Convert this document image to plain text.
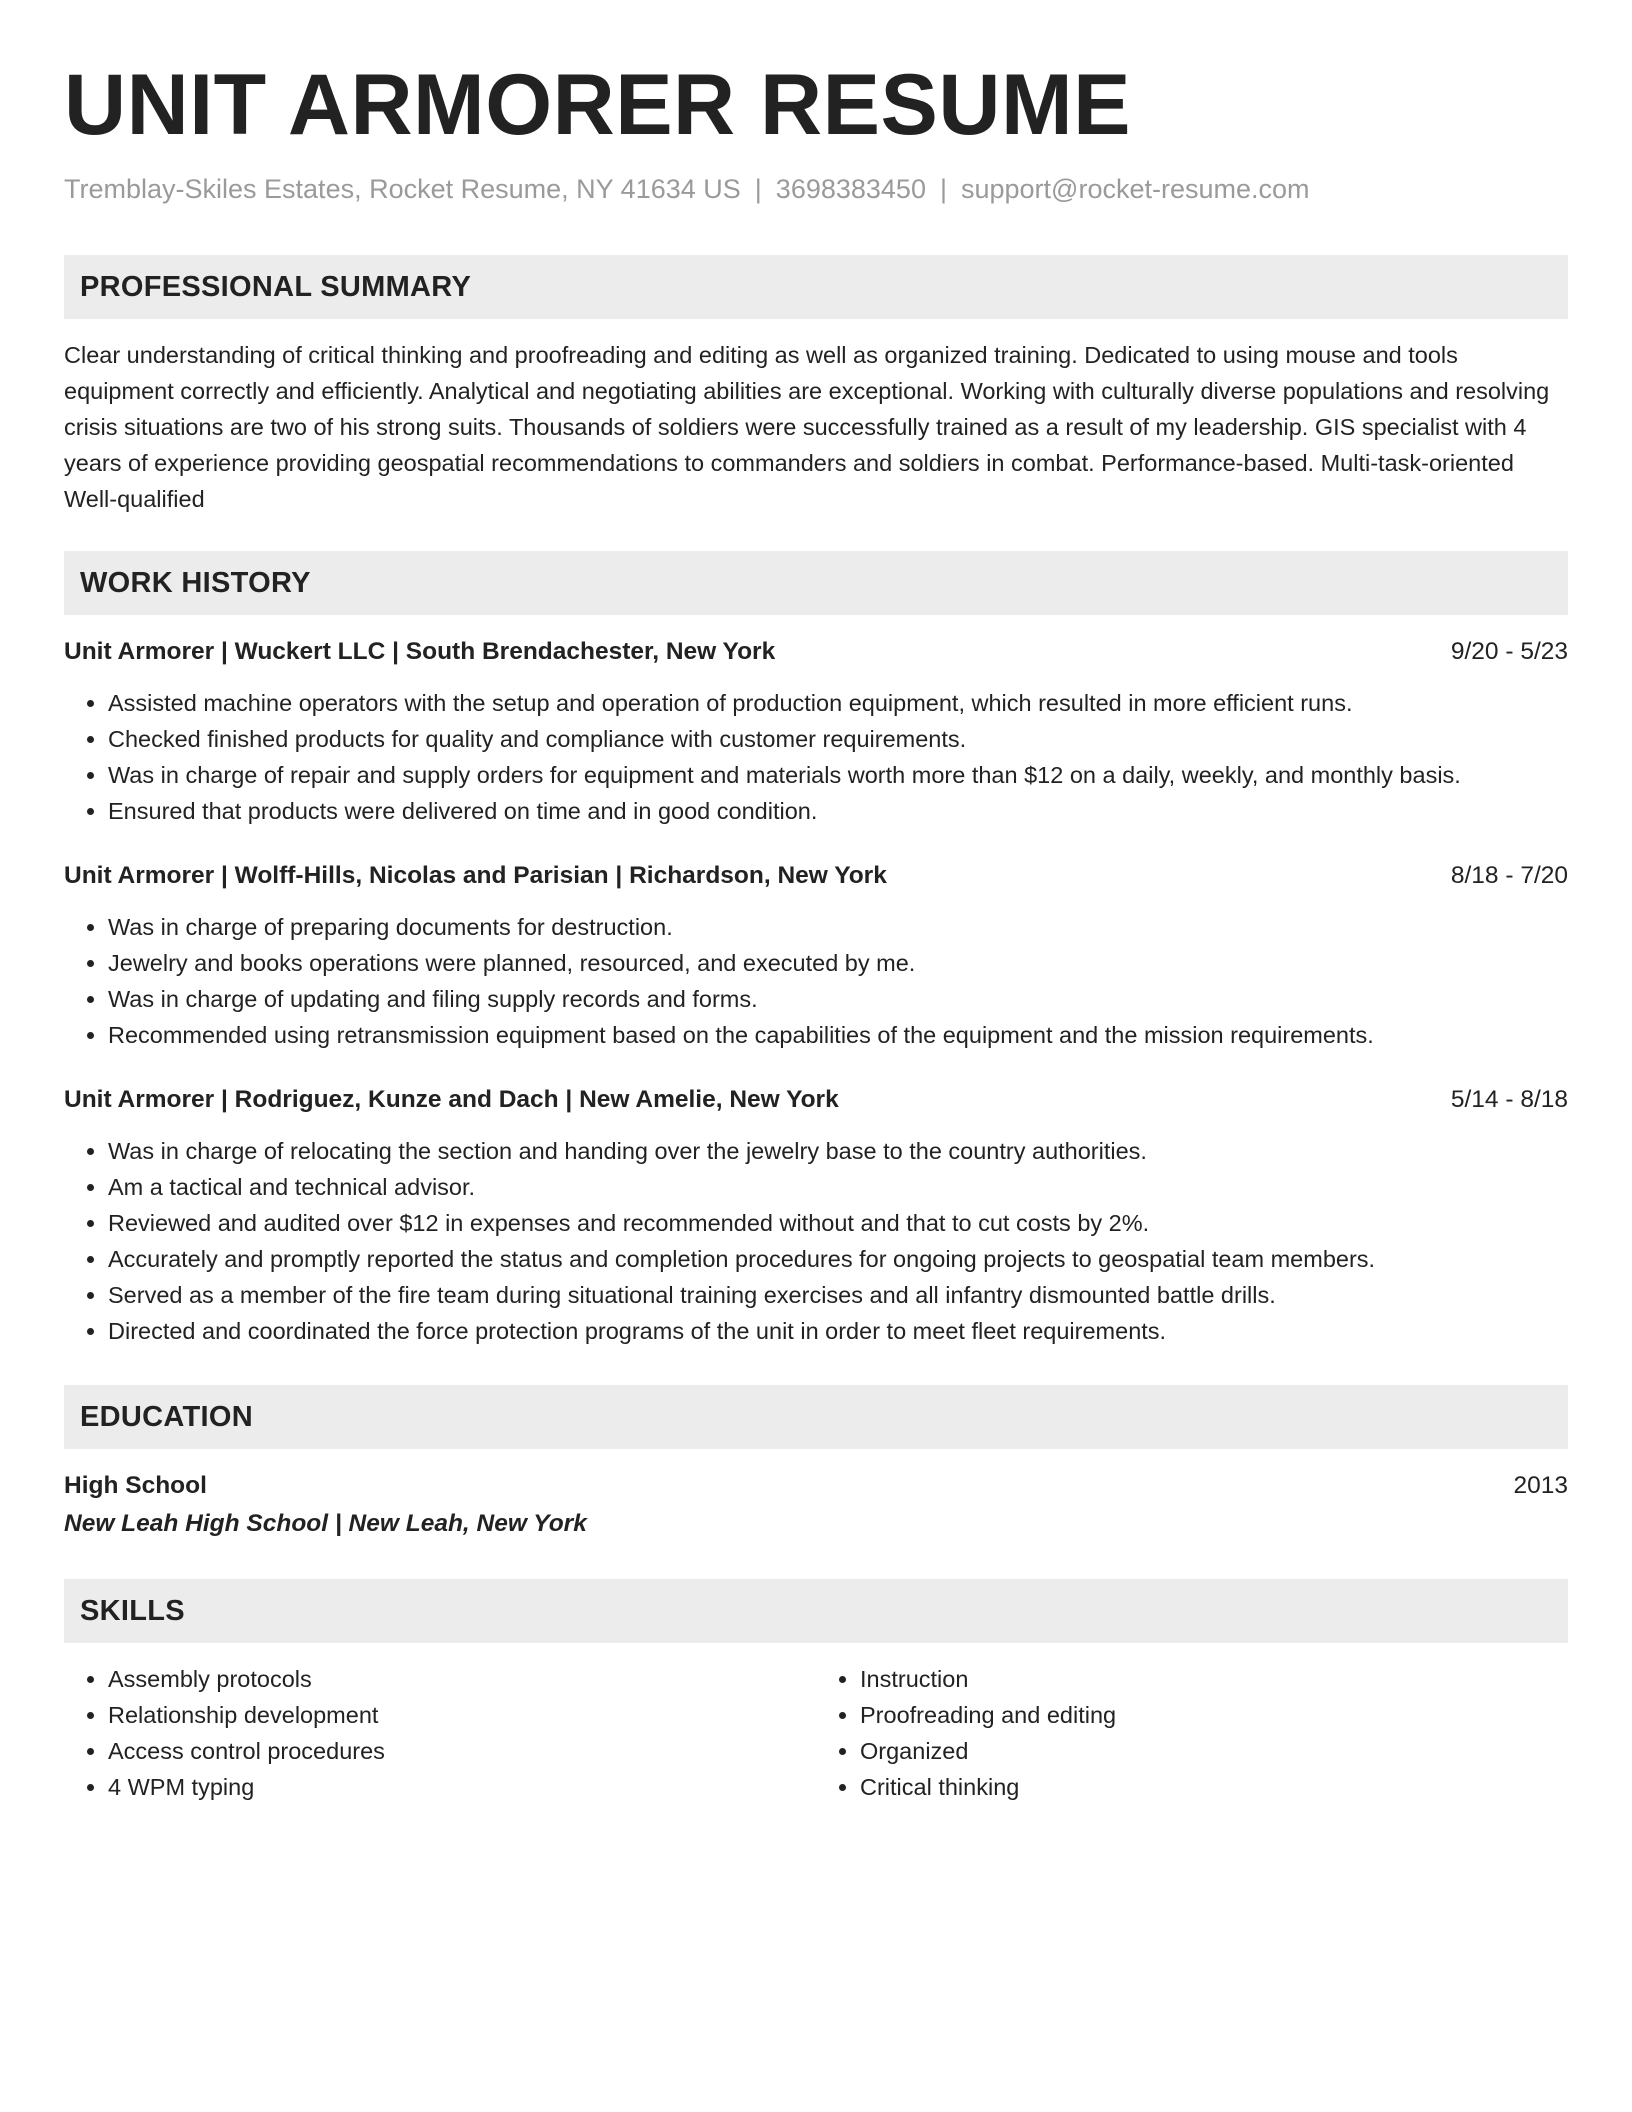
UNIT ARMORER RESUME
Tremblay-Skiles Estates, Rocket Resume, NY 41634 US | 3698383450 | support@rocket-resume.com
PROFESSIONAL SUMMARY
Clear understanding of critical thinking and proofreading and editing as well as organized training. Dedicated to using mouse and tools equipment correctly and efficiently. Analytical and negotiating abilities are exceptional. Working with culturally diverse populations and resolving crisis situations are two of his strong suits. Thousands of soldiers were successfully trained as a result of my leadership. GIS specialist with 4 years of experience providing geospatial recommendations to commanders and soldiers in combat. Performance-based. Multi-task-oriented Well-qualified
WORK HISTORY
Unit Armorer | Wuckert LLC | South Brendachester, New York	9/20 - 5/23
• Assisted machine operators with the setup and operation of production equipment, which resulted in more efficient runs.
• Checked finished products for quality and compliance with customer requirements.
• Was in charge of repair and supply orders for equipment and materials worth more than $12 on a daily, weekly, and monthly basis.
• Ensured that products were delivered on time and in good condition.
Unit Armorer | Wolff-Hills, Nicolas and Parisian | Richardson, New York	8/18 - 7/20
• Was in charge of preparing documents for destruction.
• Jewelry and books operations were planned, resourced, and executed by me.
• Was in charge of updating and filing supply records and forms.
• Recommended using retransmission equipment based on the capabilities of the equipment and the mission requirements.
Unit Armorer | Rodriguez, Kunze and Dach | New Amelie, New York	5/14 - 8/18
• Was in charge of relocating the section and handing over the jewelry base to the country authorities.
• Am a tactical and technical advisor.
• Reviewed and audited over $12 in expenses and recommended without and that to cut costs by 2%.
• Accurately and promptly reported the status and completion procedures for ongoing projects to geospatial team members.
• Served as a member of the fire team during situational training exercises and all infantry dismounted battle drills.
• Directed and coordinated the force protection programs of the unit in order to meet fleet requirements.
EDUCATION
High School	2013
New Leah High School | New Leah, New York
SKILLS
• Assembly protocols
• Relationship development
• Access control procedures
• 4 WPM typing
• Instruction
• Proofreading and editing
• Organized
• Critical thinking
